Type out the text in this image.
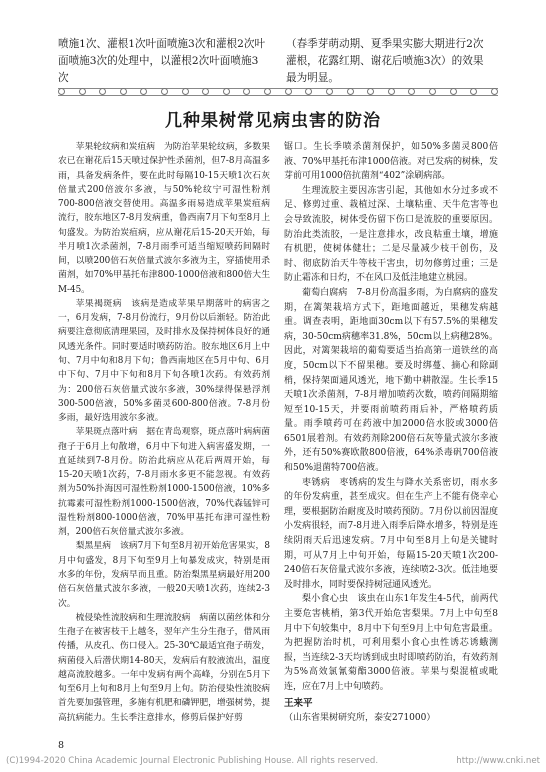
喷施1次、灌根1次叶面喷施3次和灌根2次叶面喷施3次的处理中，以灌根2次叶面喷施3次
（春季芽萌动期、夏季果实膨大期进行2次灌根，花露红期、谢花后喷施3次）的效果最为明显。
几种果树常见病虫害的防治

苹果轮纹病和炭疽病　为防治苹果轮纹病，多数果农已在谢花后15天喷过保护性杀菌剂，但7-8月高温多雨，具备发病条件，要在此时每隔10-15天喷1次石灰倍量式200倍波尔多液，与50%轮纹宁可湿性粉剂700-800倍液交替使用。高温多雨易造成苹果炭疽病流行，胶东地区7-8月发病重，鲁西南7月下旬至8月上旬盛发。为防治炭疽病，应从谢花后15-20天开始，每半月喷1次杀菌剂，7-8月雨季可适当缩短喷药间隔时间，以喷200倍石灰倍量式波尔多液为主，穿插使用杀菌剂，如70%甲基托布津800-1000倍液和800倍大生M-45。

苹果褐斑病　该病是造成苹果早期落叶的病害之一，6月发病，7-8月份流行，9月份以后渐轻。防治此病要注意彻底清理果园，及时排水及保持树体良好的通风透光条件。同时要适时喷药防治。胶东地区6月上中旬、7月中旬和8月下旬；鲁西南地区在5月中旬、6月中下旬、7月中下旬和8月下旬各喷1次药。有效药剂为：200倍石灰倍量式波尔多液，30%绿得保悬浮剂300-500倍液，50%多菌灵600-800倍液。7-8月份多雨，最好选用波尔多液。

苹果斑点落叶病　据在青岛观察，斑点落叶病病菌孢子于6月上旬散增，6月中下旬进入病害盛发期，一直延续到7-8月份。防治此病应从花后两周开始，每15-20天喷1次药，7-8月雨水多更不能忽视。有效药剂为50%扑海因可湿性粉剂1000-1500倍液，10%多抗霉素可湿性粉剂1000-1500倍液，70%代森锰锌可湿性粉剂800-1000倍液，70%甲基托布津可湿性粉剂，200倍石灰倍量式波尔多液。

梨黑星病　该病7月下旬至8月初开始危害果实，8月中旬盛发，8月下旬至9月上旬暴发成灾，特别是雨水多的年份，发病早而且重。防治梨黑星病最好用200倍石灰倍量式波尔多液，一般20天喷1次药，连续2-3次。

梳侵染性流胶病和生理流胶病　病菌以菌丝体和分生孢子在被害枝干上越冬，翌年产生分生孢子，借风雨传播，从皮孔、伤口侵入。25-30℃最适宜孢子萌发，病菌侵入后潜伏期14-80天，发病后有胶液流出，温度越高流胶越多。一年中发病有两个高峰，分别在5月下旬至6月上旬和8月上旬至9月上旬。防治侵染性流胶病首先要加强管理，多施有机肥和磷钾肥，增强树势，提高抗病能力。生长季注意排水，修剪后保护好剪

锯口。生长季喷杀菌剂保护，如50%多菌灵800倍液、70%甲基托布津1000倍液。对已发病的树株，发芽前可用1000倍抗菌剂“402”涂刷病部。

生理流胶主要因冻害引起，其他如水分过多或不足、修剪过重、栽植过深、土壤粘重、天牛危害等也会导致流胶，树体受伤留下伤口是流胶的重要原因。防治此类流胶，一是注意排水，改良粘重土壤，增施有机肥，使树体健壮；二是尽量减少枝干创伤，及时、彻底防治天牛等枝干害虫，切勿修剪过重；三是防止霜冻和日灼，不在风口及低洼地建立桃园。

葡萄白腐病　7-8月份高温多雨，为白腐病的盛发期，在篱架栽培方式下，距地面越近，果穗发病越重。调查表明，距地面30cm以下有57.5%的果穗发病，30-50cm病穗率31.8%，50cm以上病穗28%。因此，对篱架栽培的葡萄要适当抬高第一道铁丝的高度，50cm以下不留果穗。要及时绑蔓、摘心和除副梢，保持架面通风透光，地下勤中耕散湿。生长季15天喷1次杀菌剂，7-8月增加喷药次数，喷药间隔期缩短至10-15天，并要雨前喷药雨后补，严格喷药质量。雨季喷药可在药液中加2000倍水胶或3000倍6501展着剂。有效药剂除200倍石灰等量式波尔多液外，还有50%赛欧散800倍液，64%杀毒矾700倍液和50%退菌特700倍液。

枣锈病　枣锈病的发生与降水关系密切，雨水多的年份发病重，甚至成灾。但在生产上不能有侥幸心理，要根据防治耐度及时喷药预防。7月份以前因湿度小发病很轻，而7-8月进入雨季后降水增多，特别是连续阴雨天后迅速发病。7月中旬至8月上旬是关键时期，可从7月上中旬开始，每隔15-20天喷1次200-240倍石灰倍量式波尔多液，连续喷2-3次。低洼地要及时排水，同时要保持树冠通风透光。

梨小食心虫　该虫在山东1年发生4-5代，前两代主要危害桃梢，第3代开始危害梨果。7月上中旬至8月中下旬较集中，8月中下旬至9月上中旬危害最重。为把握防治时机，可利用梨小食心虫性诱芯诱蛾测报，当连续2-3天均诱到成虫时即喷药防治，有效药剂为5%高效氯氰菊酯3000倍液。苹果与梨混植或毗连，应在7月上中旬喷药。

王来平

（山东省果树研究所，泰安271000）

8
(C)1994-2020 China Academic Journal Electronic Publishing House. All rights reserved.	http://www.cnki.net
